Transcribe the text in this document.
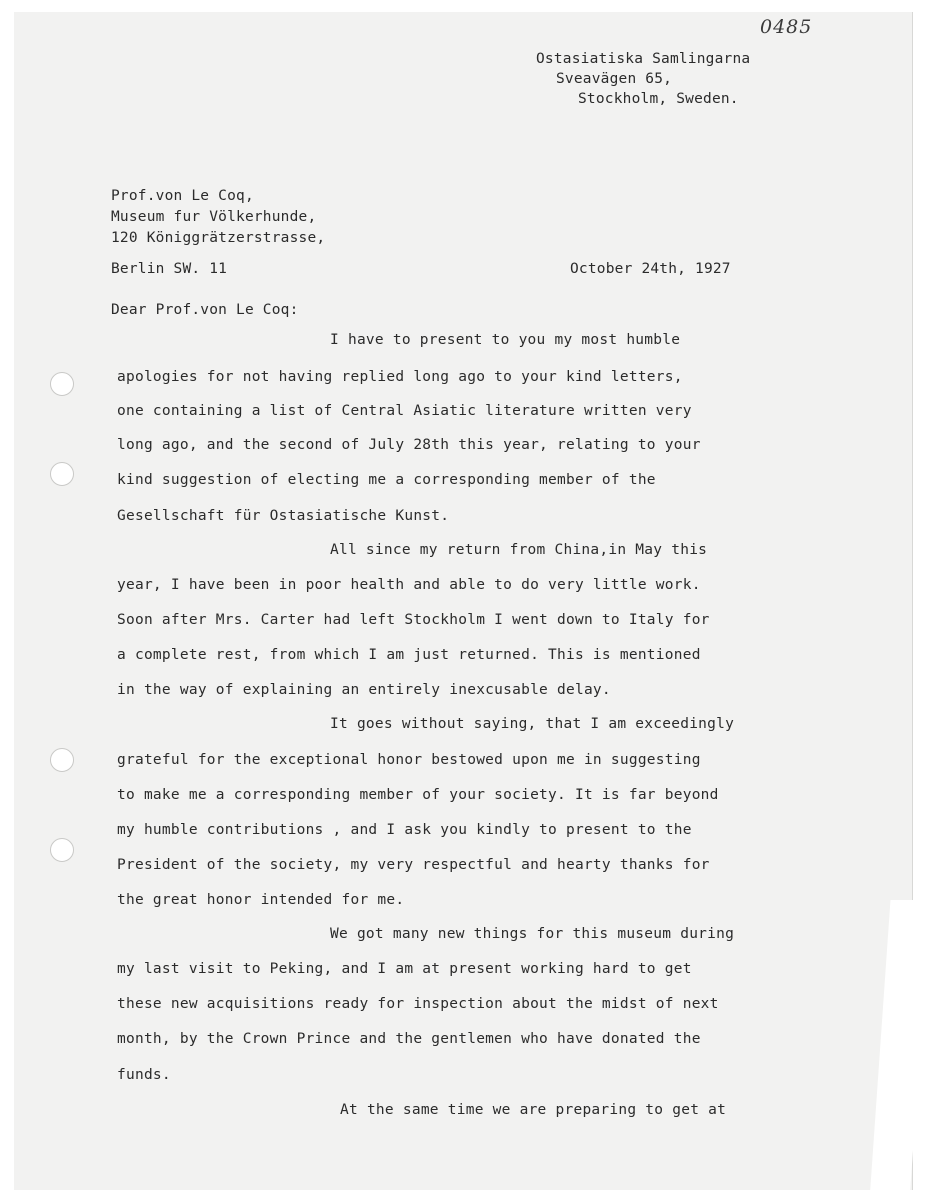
0485
Ostasiatiska Samlingarna
Sveavägen 65,
Stockholm, Sweden.
Prof.von Le Coq,
Museum fur Völkerhunde,
120 Königgrätzerstrasse,
Berlin SW. 11	October 24th, 1927
Dear Prof.von Le Coq:
I have to present to you my most humble
apologies for not having replied long ago to your kind letters,
one containing a list of Central Asiatic literature written very
long ago, and the second of July 28th this year, relating to your
kind suggestion of electing me a corresponding member of the
Gesellschaft für Ostasiatische Kunst.
All since my return from China,in May this
year, I have been in poor health and able to do very little work.
Soon after Mrs. Carter had left Stockholm I went down to Italy for
a complete rest, from which I am just returned. This is mentioned
in the way of explaining an entirely inexcusable delay.
It goes without saying, that I am exceedingly
grateful for the exceptional honor bestowed upon me in suggesting
to make me a corresponding member of your society. It is far beyond
my humble contributions , and I ask you kindly to present to the
President of the society, my very respectful and hearty thanks for
the great honor intended for me.
We got many new things for this museum during
my last visit to Peking, and I am at present working hard to get
these new acquisitions ready for inspection about the midst of next
month, by the Crown Prince and the gentlemen who have donated the
funds.
At the same time we are preparing to get at
